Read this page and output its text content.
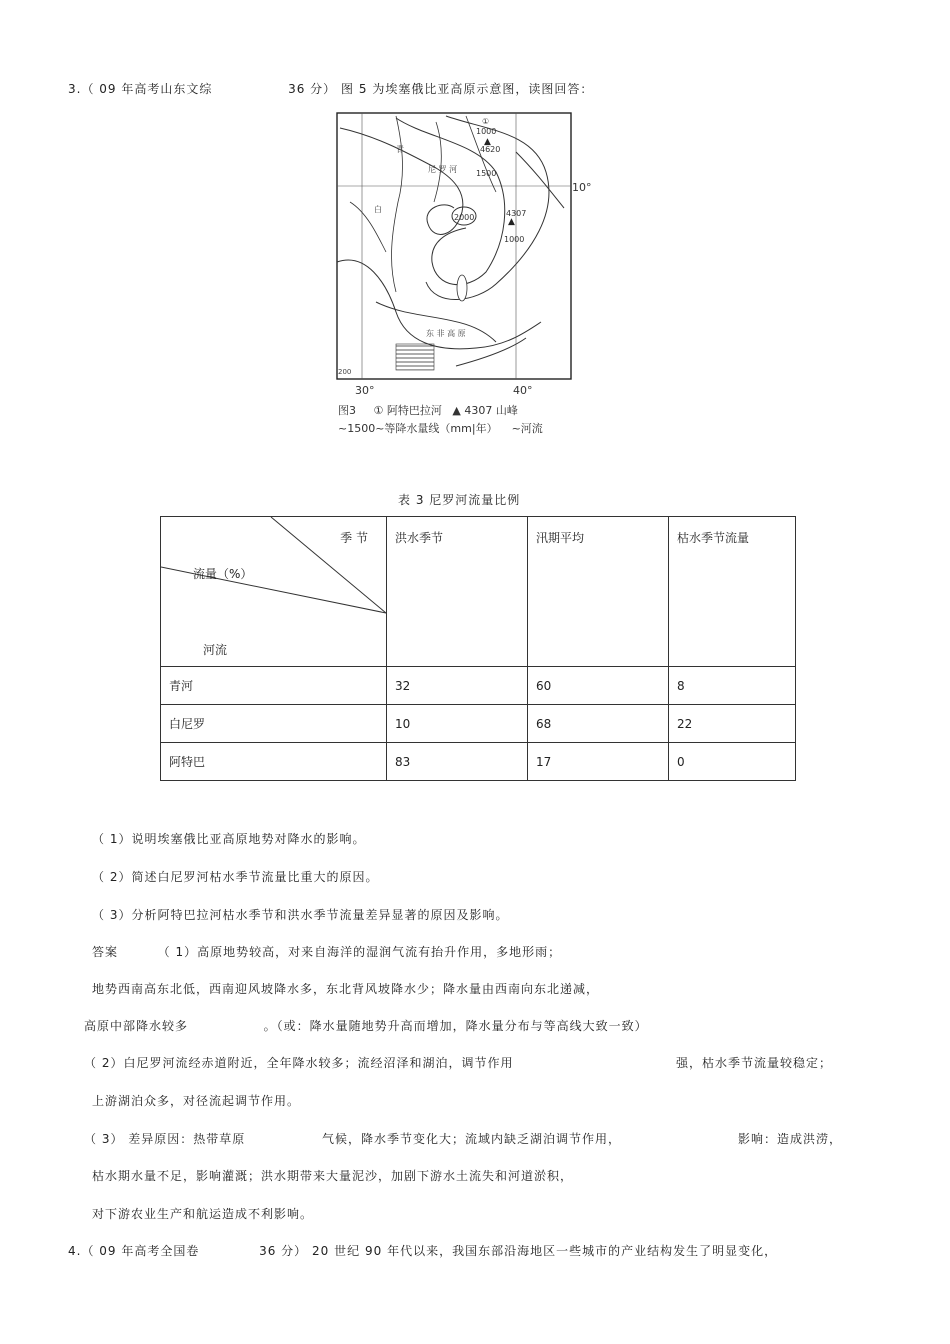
3.（ 09 年高考山东文综	36 分） 图 5 为埃塞俄比亚高原示意图，读图回答：
▲
▲
1000
4620
1500
2000	4307
1000
①
青
尼 罗 河
白
东 非 高 原
200
30°	40°
10°
图3 ① 阿特巴拉河 ▲ 4307 山峰
~1500~等降水量线（mm|年） ~河流
表 3 尼罗河流量比例
季 节
流量（%）
河流	洪水季节	汛期平均	枯水季节流量
青河	32	60	8
白尼罗	10	68	22
阿特巴	83	17	0
（ 1）说明埃塞俄比亚高原地势对降水的影响。
（ 2）简述白尼罗河枯水季节流量比重大的原因。
（ 3）分析阿特巴拉河枯水季节和洪水季节流量差异显著的原因及影响。
答案	（ 1）高原地势较高，对来自海洋的湿润气流有抬升作用，多地形雨；
地势西南高东北低，西南迎风坡降水多，东北背风坡降水少；降水量由西南向东北递减，
高原中部降水较多	。（或：降水量随地势升高而增加，降水量分布与等高线大致一致）
（ 2）白尼罗河流经赤道附近，全年降水较多；流经沼泽和湖泊，调节作用	强，枯水季节流量较稳定；
上游湖泊众多，对径流起调节作用。
（ 3） 差异原因：热带草原	气候，降水季节变化大；流域内缺乏湖泊调节作用，	影响：造成洪涝，
枯水期水量不足，影响灌溉；洪水期带来大量泥沙，加剧下游水土流失和河道淤积，
对下游农业生产和航运造成不利影响。
4.（ 09 年高考全国卷	36 分） 20 世纪 90 年代以来，我国东部沿海地区一些城市的产业结构发生了明显变化，
